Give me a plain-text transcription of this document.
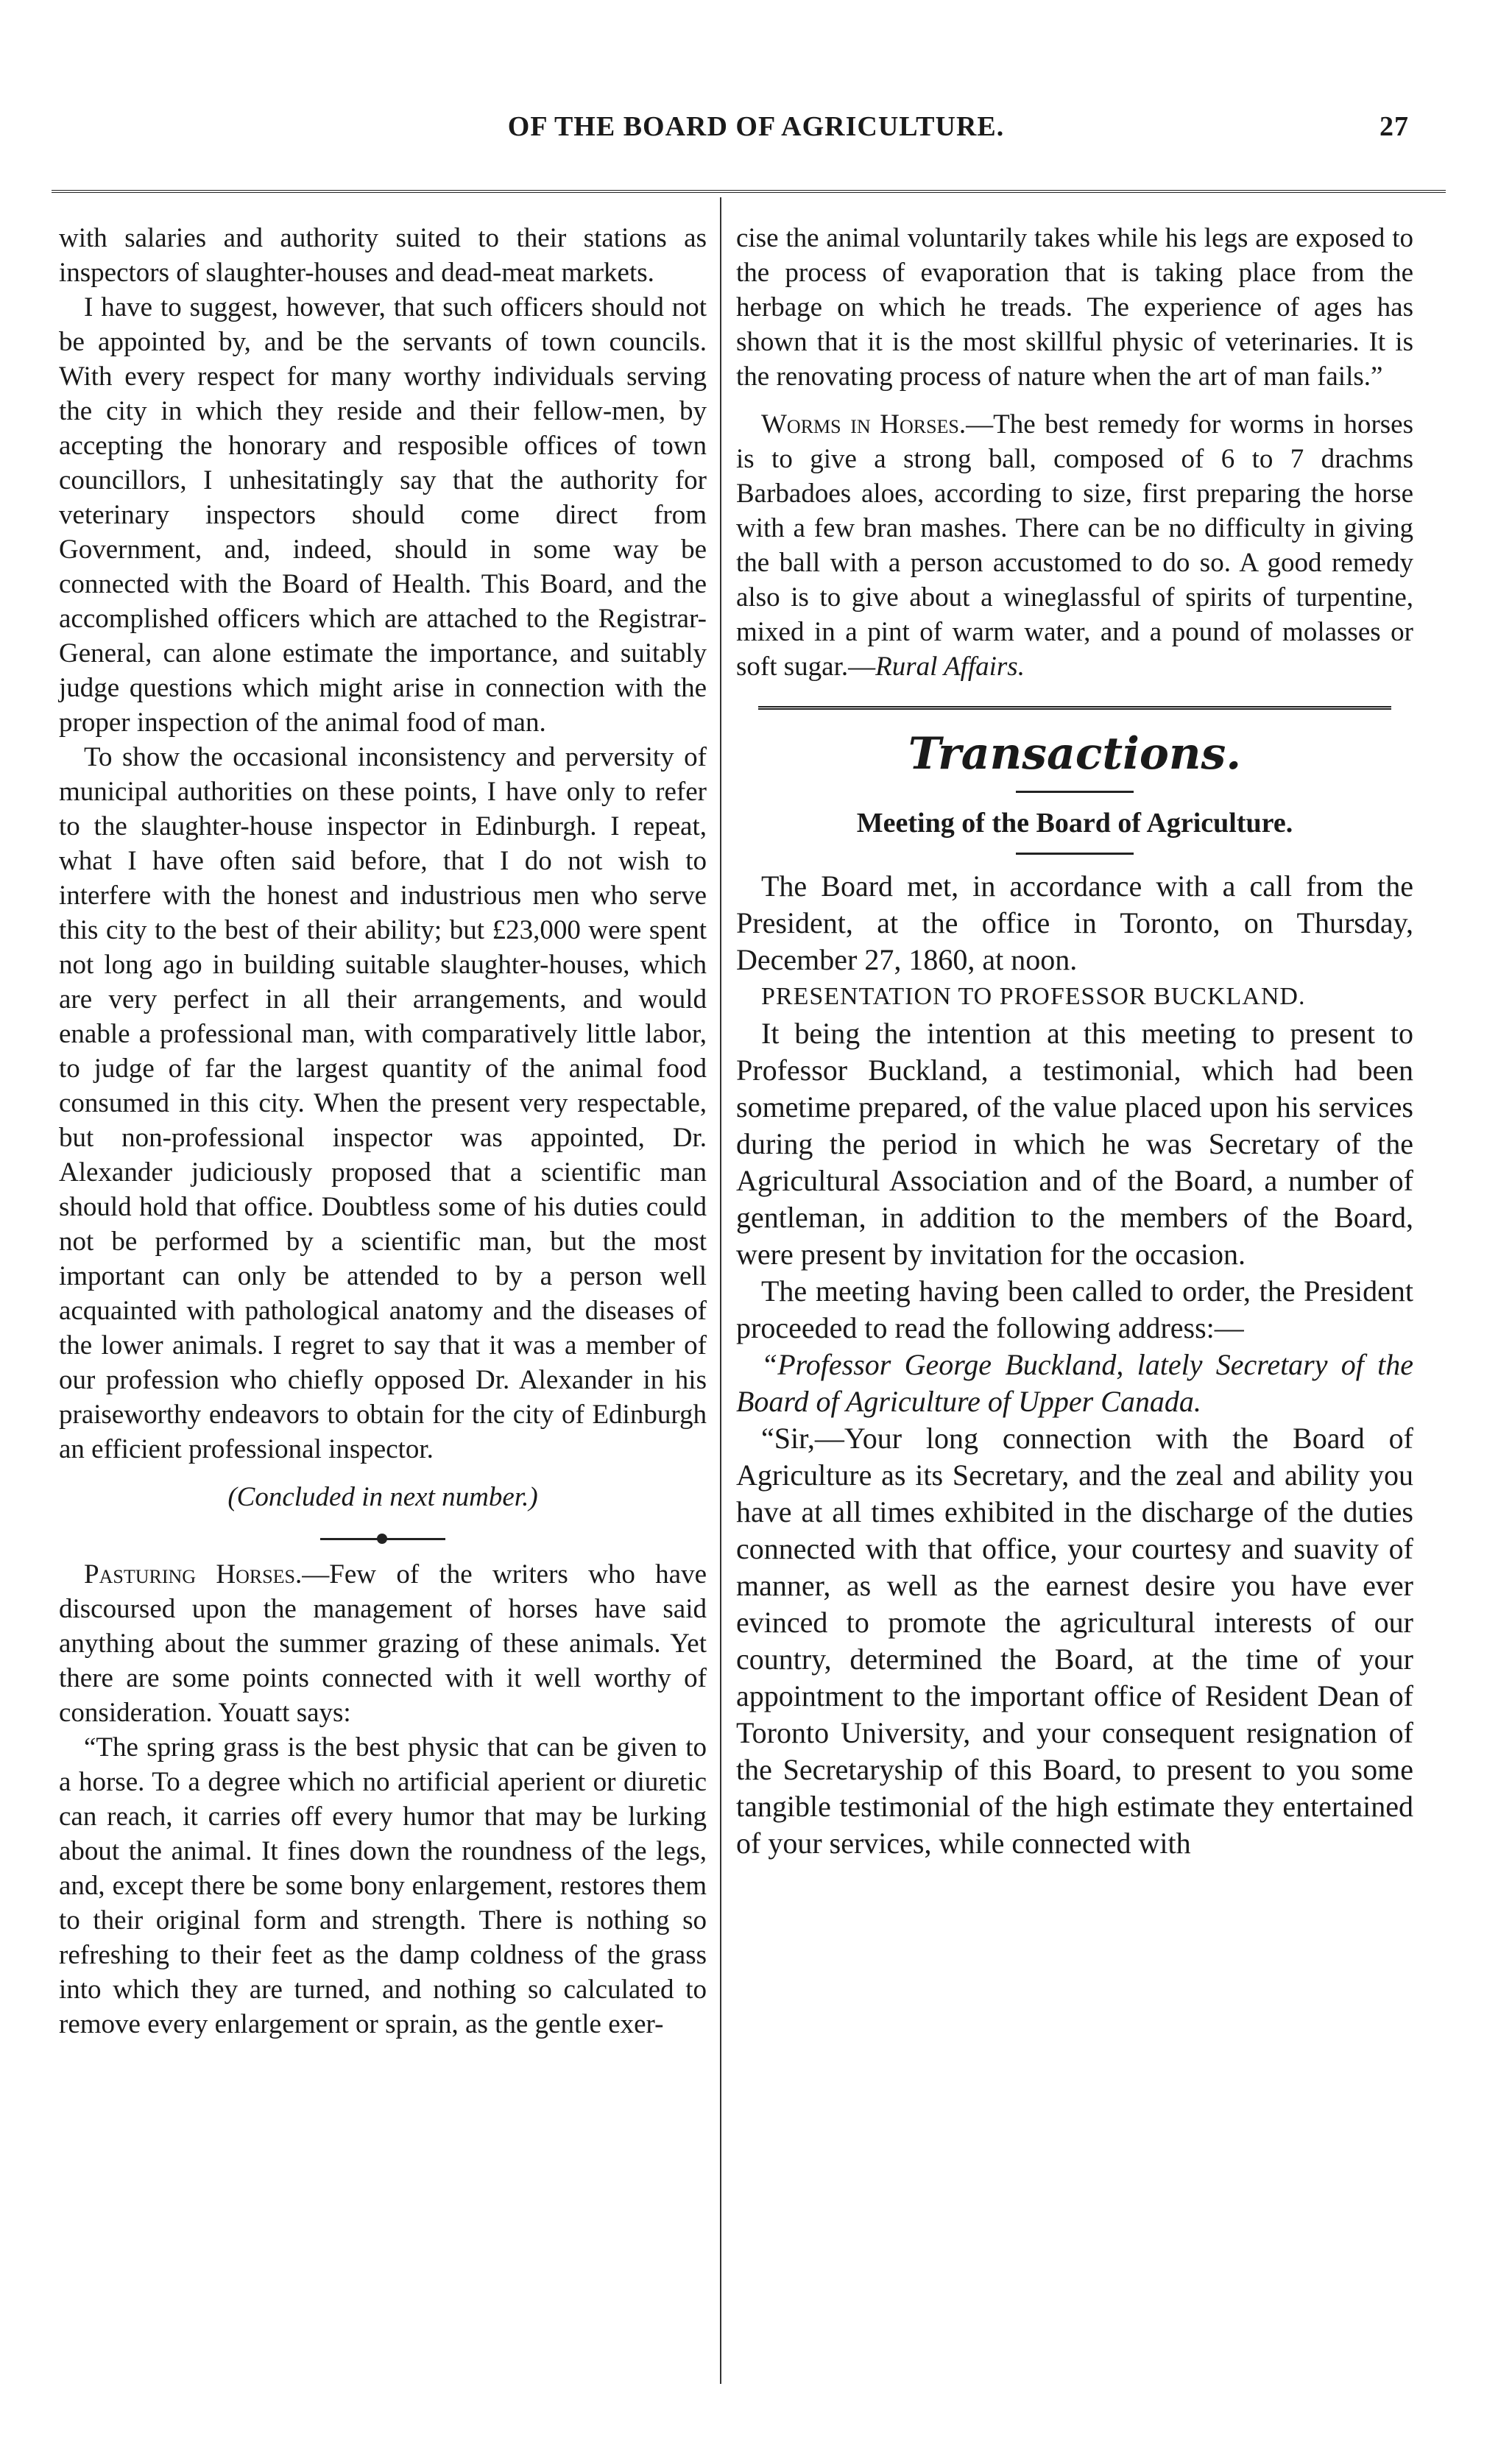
OF THE BOARD OF AGRICULTURE.	27

with salaries and authority suited to their stations as inspectors of slaughter-houses and dead-meat markets.

I have to suggest, however, that such officers should not be appointed by, and be the servants of town councils. With every respect for many worthy individuals serving the city in which they reside and their fellow-men, by accepting the honorary and resposible offices of town councillors, I unhesitatingly say that the authority for veterinary inspectors should come direct from Government, and, indeed, should in some way be connected with the Board of Health. This Board, and the accomplished officers which are attached to the Registrar-General, can alone estimate the importance, and suitably judge questions which might arise in connection with the proper inspection of the animal food of man.

To show the occasional inconsistency and perversity of municipal authorities on these points, I have only to refer to the slaughter-house inspector in Edinburgh. I repeat, what I have often said before, that I do not wish to interfere with the honest and industrious men who serve this city to the best of their ability; but £23,000 were spent not long ago in building suitable slaughter-houses, which are very perfect in all their arrangements, and would enable a professional man, with comparatively little labor, to judge of far the largest quantity of the animal food consumed in this city. When the present very respectable, but non-professional inspector was appointed, Dr. Alexander judiciously proposed that a scientific man should hold that office. Doubtless some of his duties could not be performed by a scientific man, but the most important can only be attended to by a person well acquainted with pathological anatomy and the diseases of the lower animals. I regret to say that it was a member of our profession who chiefly opposed Dr. Alexander in his praiseworthy endeavors to obtain for the city of Edinburgh an efficient professional inspector.

(Concluded in next number.)

Pasturing Horses.—Few of the writers who have discoursed upon the management of horses have said anything about the summer grazing of these animals. Yet there are some points connected with it well worthy of consideration. Youatt says:

“The spring grass is the best physic that can be given to a horse. To a degree which no artificial aperient or diuretic can reach, it carries off every humor that may be lurking about the animal. It fines down the roundness of the legs, and, except there be some bony enlargement, restores them to their original form and strength. There is nothing so refreshing to their feet as the damp coldness of the grass into which they are turned, and nothing so calculated to remove every enlargement or sprain, as the gentle exer-

cise the animal voluntarily takes while his legs are exposed to the process of evaporation that is taking place from the herbage on which he treads. The experience of ages has shown that it is the most skillful physic of veterinaries. It is the renovating process of nature when the art of man fails.”

Worms in Horses.—The best remedy for worms in horses is to give a strong ball, composed of 6 to 7 drachms Barbadoes aloes, according to size, first preparing the horse with a few bran mashes. There can be no difficulty in giving the ball with a person accustomed to do so. A good remedy also is to give about a wineglassful of spirits of turpentine, mixed in a pint of warm water, and a pound of molasses or soft sugar.—Rural Affairs.

Transactions.
Meeting of the Board of Agriculture.

The Board met, in accordance with a call from the President, at the office in Toronto, on Thursday, December 27, 1860, at noon.

PRESENTATION TO PROFESSOR BUCKLAND.

It being the intention at this meeting to present to Professor Buckland, a testimonial, which had been sometime prepared, of the value placed upon his services during the period in which he was Secretary of the Agricultural Association and of the Board, a number of gentleman, in addition to the members of the Board, were present by invitation for the occasion.

The meeting having been called to order, the President proceeded to read the following address:—

“Professor George Buckland, lately Secretary of the Board of Agriculture of Upper Canada.

“Sir,—Your long connection with the Board of Agriculture as its Secretary, and the zeal and ability you have at all times exhibited in the discharge of the duties connected with that office, your courtesy and suavity of manner, as well as the earnest desire you have ever evinced to promote the agricultural interests of our country, determined the Board, at the time of your appointment to the important office of Resident Dean of Toronto University, and your consequent resignation of the Secretaryship of this Board, to present to you some tangible testimonial of the high estimate they entertained of your services, while connected with
